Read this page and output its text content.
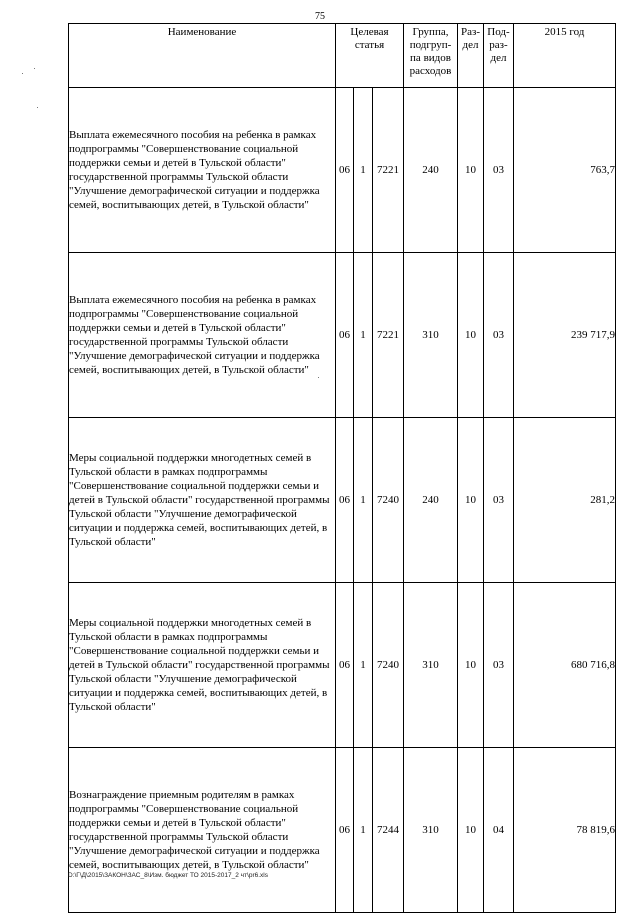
75
Наименование	Целевая статья			Группа, подгруп- па видов расходов	Раз- дел	Под- раз- дел	2015 год
Выплата ежемесячного пособия на ребенка в рамках подпрограммы "Совершенствование социальной поддержки семьи и детей в Тульской области" государственной программы Тульской области "Улучшение демографической ситуации и поддержка семей, воспитывающих детей, в Тульской области"	06	1	7221	240	10	03	763,7
Выплата ежемесячного пособия на ребенка в рамках подпрограммы "Совершенствование социальной поддержки семьи и детей в Тульской области" государственной программы Тульской области "Улучшение демографической ситуации и поддержка семей, воспитывающих детей, в Тульской области"	06	1	7221	310	10	03	239 717,9
Меры социальной поддержки многодетных семей в Тульской области в рамках подпрограммы "Совершенствование социальной поддержки семьи и детей в Тульской области" государственной программы Тульской области "Улучшение демографической ситуации и поддержка семей, воспитывающих детей, в Тульской области"	06	1	7240	240	10	03	281,2
Меры социальной поддержки многодетных семей в Тульской области в рамках подпрограммы "Совершенствование социальной поддержки семьи и детей в Тульской области" государственной программы Тульской области "Улучшение демографической ситуации и поддержка семей, воспитывающих детей, в Тульской области"	06	1	7240	310	10	03	680 716,8
Вознаграждение приемным родителям в рамках подпрограммы "Совершенствование социальной поддержки семьи и детей в Тульской области" государственной программы Тульской области "Улучшение демографической ситуации и поддержка семей, воспитывающих детей, в Тульской области"	06	1	7244	310	10	04	78 819,6
D:\Г\Д\2015\ЗАКОН\ЗАС_8\Изм. бюджет ТО 2015-2017_2 чт\pr6.xls
